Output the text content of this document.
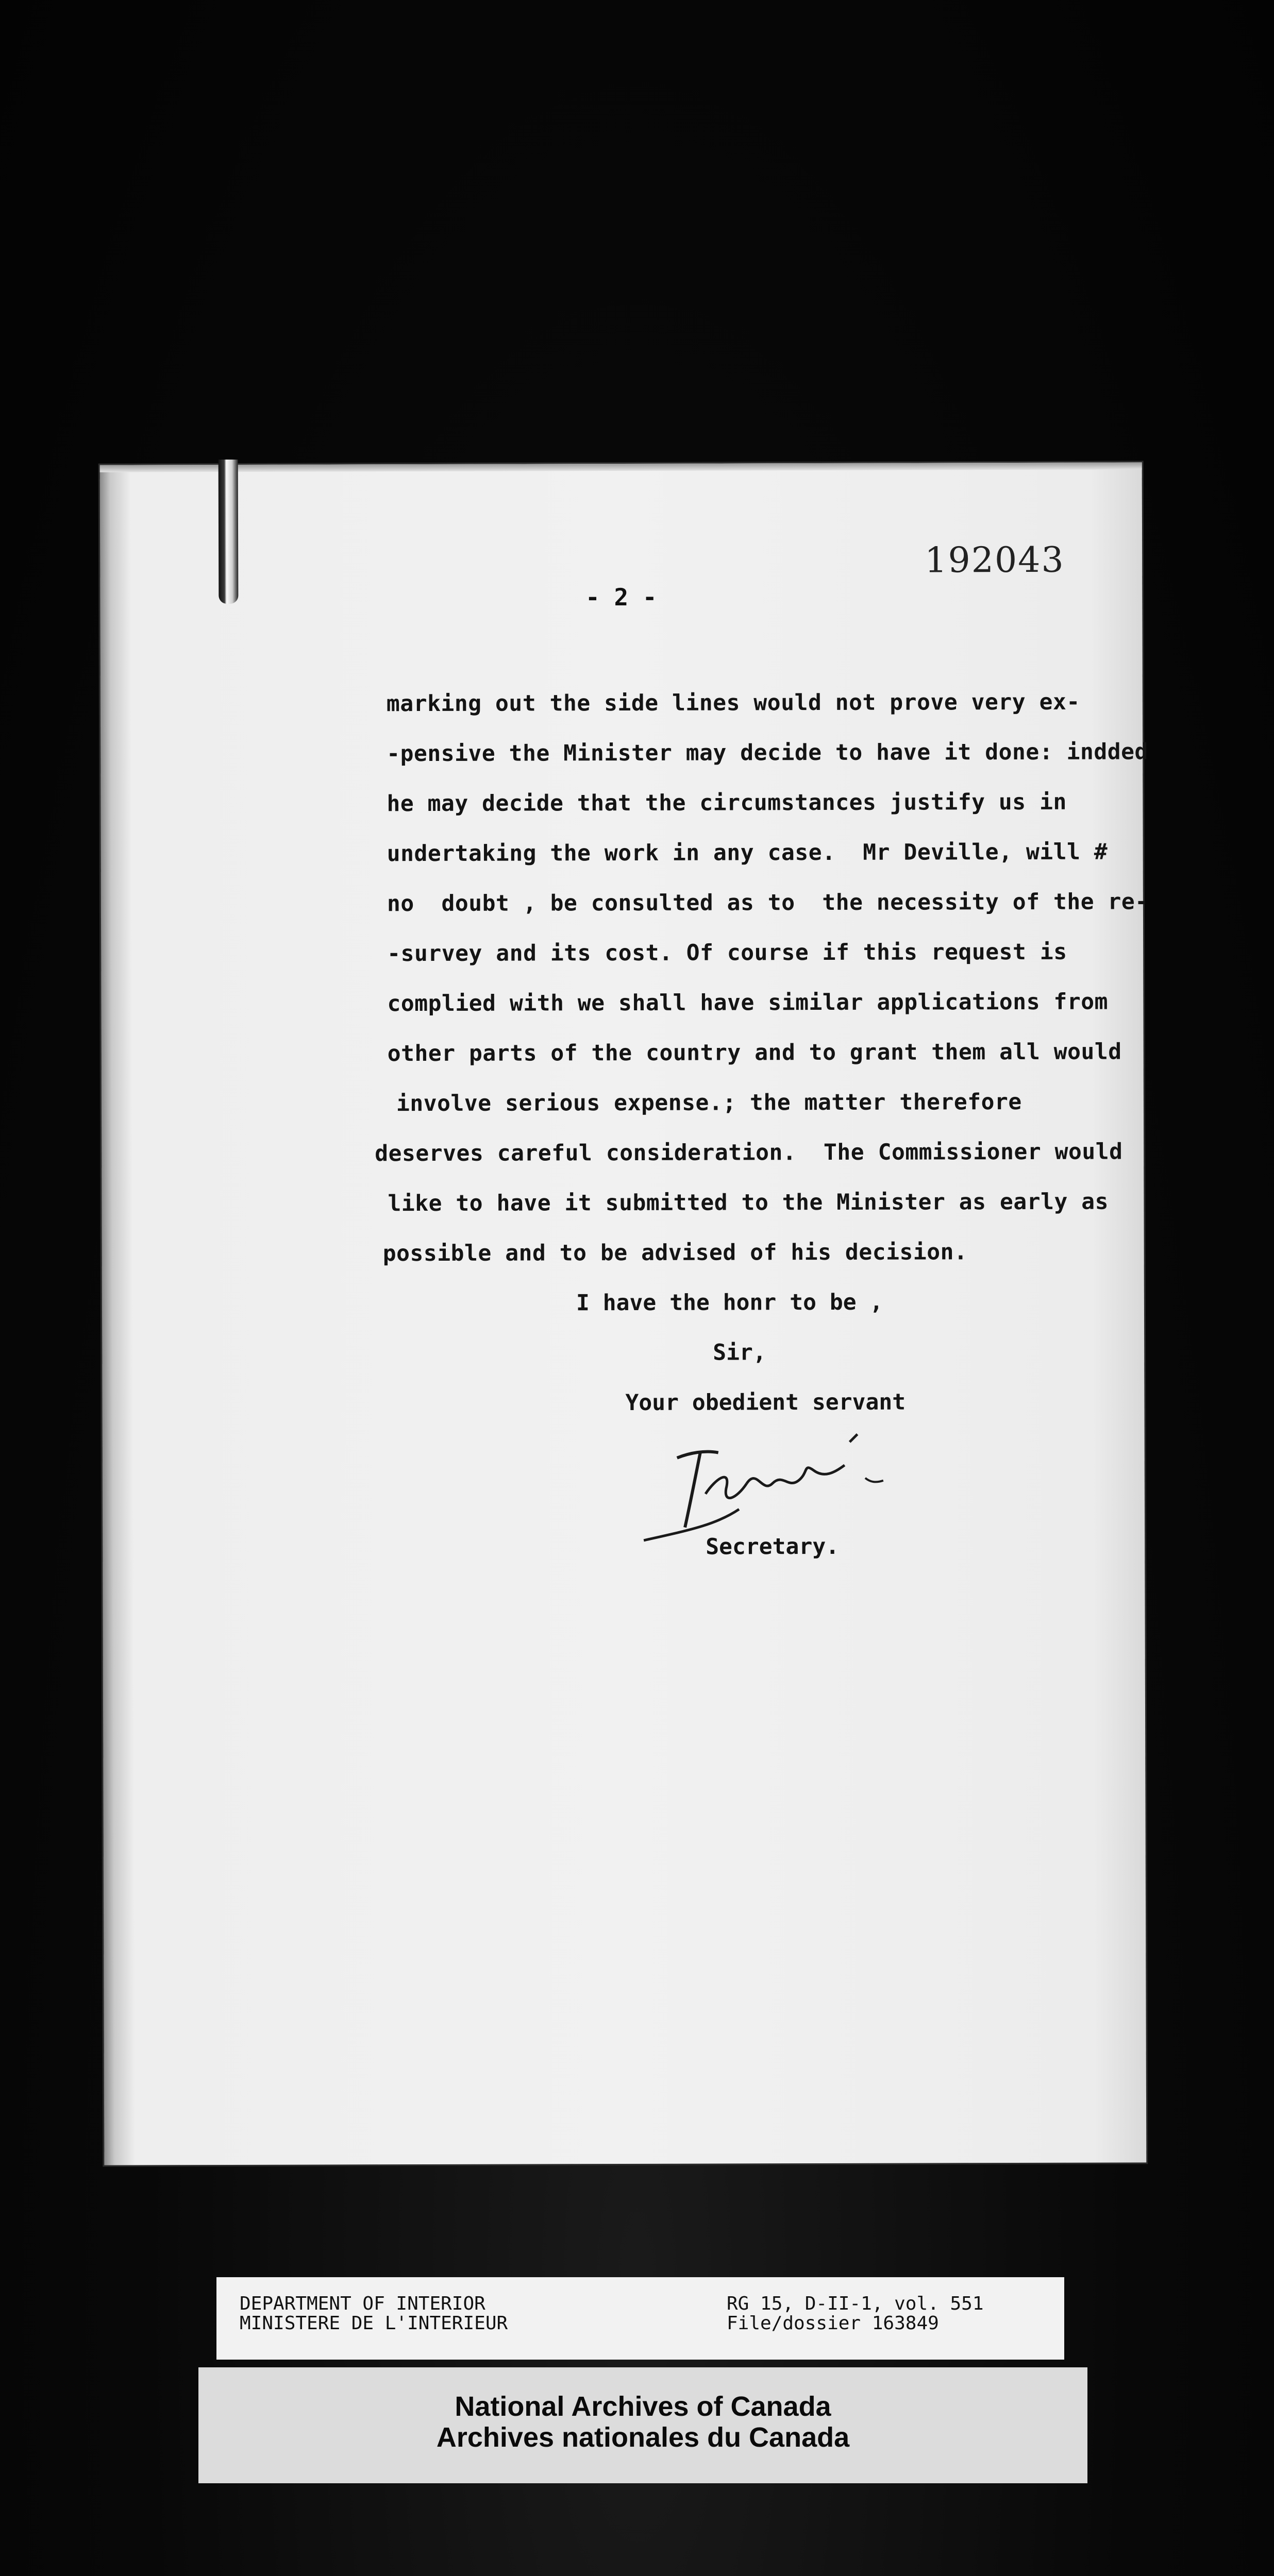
192043
- 2 -
marking out the side lines would not prove very ex-
-pensive the Minister may decide to have it done: indded
he may decide that the circumstances justify us in
undertaking the work in any case.  Mr Deville, will #
no  doubt , be consulted as to  the necessity of the re-
-survey and its cost. Of course if this request is
complied with we shall have similar applications from
other parts of the country and to grant them all would
involve serious expense.; the matter therefore
deserves careful consideration.  The Commissioner would
like to have it submitted to the Minister as early as
possible and to be advised of his decision.
I have the honr to be ,
Sir,
Your obedient servant
Secretary.
DEPARTMENT OF INTERIOR
MINISTERE DE L'INTERIEUR
RG 15, D-II-1, vol. 551
File/dossier 163849
National Archives of Canada
Archives nationales du Canada
